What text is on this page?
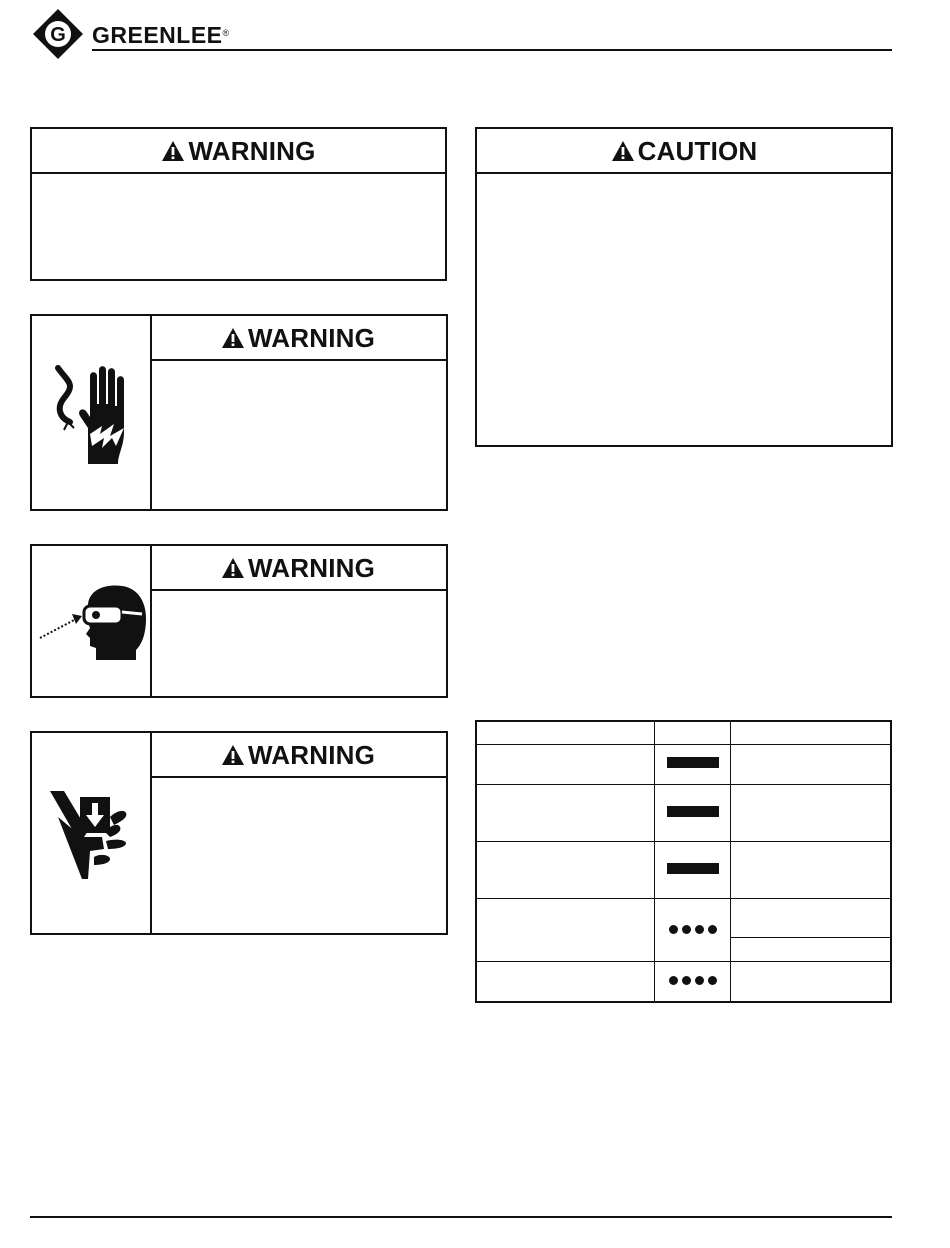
G GREENLEE®
WARNING	CAUTION
WARNING
WARNING
WARNING
